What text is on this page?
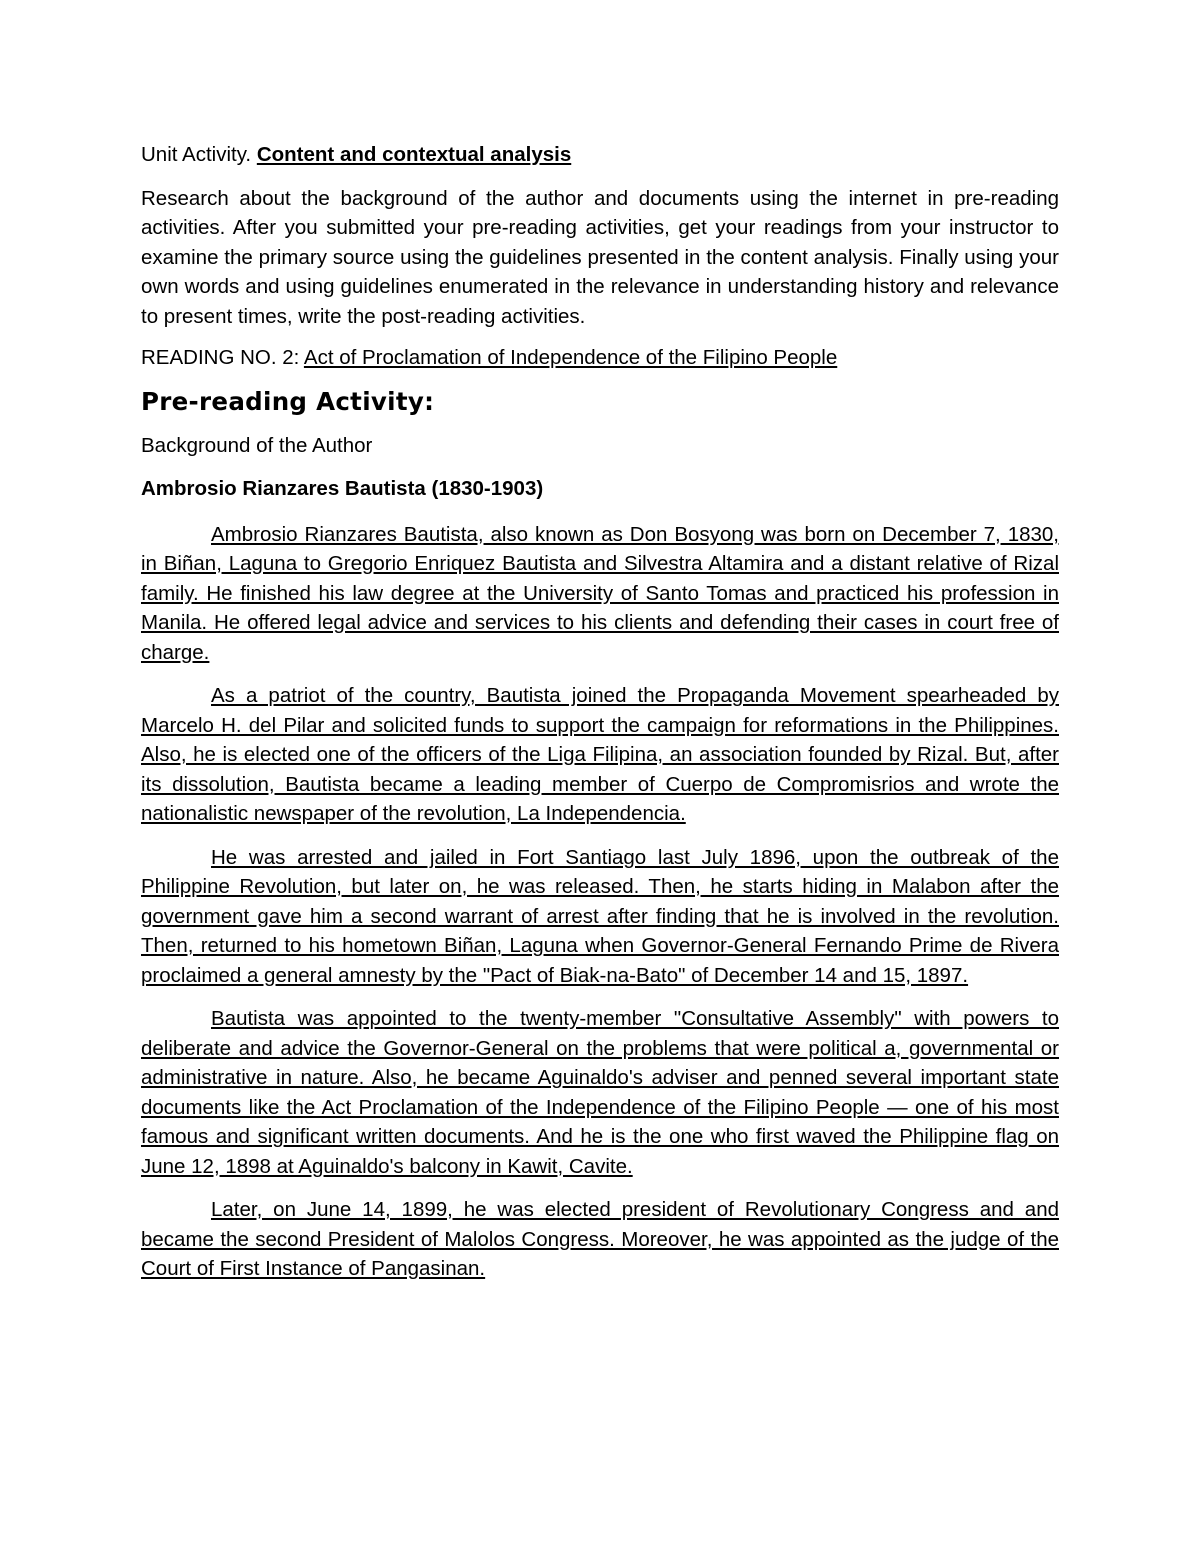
Unit Activity. Content and contextual analysis

Research about the background of the author and documents using the internet in pre-reading activities. After you submitted your pre-reading activities, get your readings from your instructor to examine the primary source using the guidelines presented in the content analysis. Finally using your own words and using guidelines enumerated in the relevance in understanding history and relevance to present times, write the post-reading activities.

READING NO. 2: Act of Proclamation of Independence of the Filipino People

Pre-reading Activity:

Background of the Author

Ambrosio Rianzares Bautista (1830-1903)

Ambrosio Rianzares Bautista, also known as Don Bosyong was born on December 7, 1830, in Biñan, Laguna to Gregorio Enriquez Bautista and Silvestra Altamira and a distant relative of Rizal family. He finished his law degree at the University of Santo Tomas and practiced his profession in Manila. He offered legal advice and services to his clients and defending their cases in court free of charge.

As a patriot of the country, Bautista joined the Propaganda Movement spearheaded by Marcelo H. del Pilar and solicited funds to support the campaign for reformations in the Philippines. Also, he is elected one of the officers of the Liga Filipina, an association founded by Rizal. But, after its dissolution, Bautista became a leading member of Cuerpo de Compromisrios and wrote the nationalistic newspaper of the revolution, La Independencia.

He was arrested and jailed in Fort Santiago last July 1896, upon the outbreak of the Philippine Revolution, but later on, he was released. Then, he starts hiding in Malabon after the government gave him a second warrant of arrest after finding that he is involved in the revolution. Then, returned to his hometown Biñan, Laguna when Governor-General Fernando Prime de Rivera proclaimed a general amnesty by the "Pact of Biak-na-Bato" of December 14 and 15, 1897.

Bautista was appointed to the twenty-member "Consultative Assembly" with powers to deliberate and advice the Governor-General on the problems that were political a, governmental or administrative in nature. Also, he became Aguinaldo's adviser and penned several important state documents like the Act Proclamation of the Independence of the Filipino People — one of his most famous and significant written documents. And he is the one who first waved the Philippine flag on June 12, 1898 at Aguinaldo's balcony in Kawit, Cavite.

Later, on June 14, 1899, he was elected president of Revolutionary Congress and and became the second President of Malolos Congress. Moreover, he was appointed as the judge of the Court of First Instance of Pangasinan.
